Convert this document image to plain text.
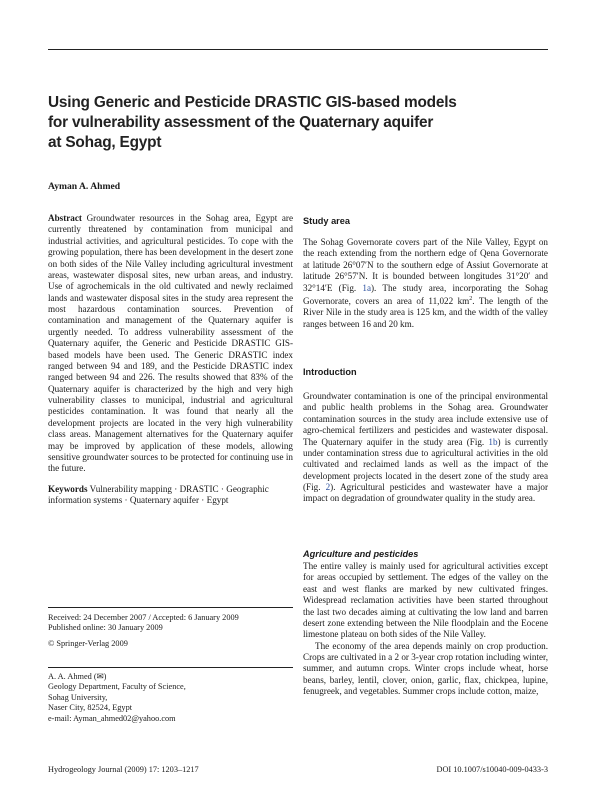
Using Generic and Pesticide DRASTIC GIS-based models
for vulnerability assessment of the Quaternary aquifer
at Sohag, Egypt
Ayman A. Ahmed

Abstract Groundwater resources in the Sohag area, Egypt are currently threatened by contamination from municipal and industrial activities, and agricultural pesticides. To cope with the growing population, there has been development in the desert zone on both sides of the Nile Valley including agricultural investment areas, wastewater disposal sites, new urban areas, and industry. Use of agrochemicals in the old cultivated and newly reclaimed lands and wastewater disposal sites in the study area represent the most hazardous contamination sources. Prevention of contamination and management of the Quaternary aquifer is urgently needed. To address vulnerability assessment of the Quaternary aquifer, the Generic and Pesticide DRASTIC GIS-based models have been used. The Generic DRASTIC index ranged between 94 and 189, and the Pesticide DRASTIC index ranged between 94 and 226. The results showed that 83% of the Quaternary aquifer is characterized by the high and very high vulnerability classes to municipal, industrial and agricultural pesticides contamination. It was found that nearly all the development projects are located in the very high vulnerability class areas. Management alternatives for the Quaternary aquifer may be improved by application of these models, allowing sensitive groundwater sources to be protected for continuing use in the future.

Keywords Vulnerability mapping · DRASTIC · Geographic information systems · Quaternary aquifer · Egypt

Received: 24 December 2007 / Accepted: 6 January 2009
Published online: 30 January 2009
© Springer-Verlag 2009
A. A. Ahmed (✉)
Geology Department, Faculty of Science,
Sohag University,
Naser City, 82524, Egypt
e-mail: Ayman_ahmed02@yahoo.com
Study area

The Sohag Governorate covers part of the Nile Valley, Egypt on the reach extending from the northern edge of Qena Governorate at latitude 26°07′N to the southern edge of Assiut Governorate at latitude 26°57′N. It is bounded between longitudes 31°20′ and 32°14′E (Fig. 1a). The study area, incorporating the Sohag Governorate, covers an area of 11,022 $km^2$. The length of the River Nile in the study area is 125 km, and the width of the valley ranges between 16 and 20 km.

Introduction

Groundwater contamination is one of the principal environmental and public health problems in the Sohag area. Groundwater contamination sources in the study area include extensive use of agro-chemical fertilizers and pesticides and wastewater disposal. The Quaternary aquifer in the study area (Fig. 1b) is currently under contamination stress due to agricultural activities in the old cultivated and reclaimed lands as well as the impact of the development projects located in the desert zone of the study area (Fig. 2). Agricultural pesticides and wastewater have a major impact on degradation of groundwater quality in the study area.

Agriculture and pesticides

The entire valley is mainly used for agricultural activities except for areas occupied by settlement. The edges of the valley on the east and west flanks are marked by new cultivated fringes. Widespread reclamation activities have been started throughout the last two decades aiming at cultivating the low land and barren desert zone extending between the Nile floodplain and the Eocene limestone plateau on both sides of the Nile Valley.

The economy of the area depends mainly on crop production. Crops are cultivated in a 2 or 3-year crop rotation including winter, summer, and autumn crops. Winter crops include wheat, horse beans, barley, lentil, clover, onion, garlic, flax, chickpea, lupine, fenugreek, and vegetables. Summer crops include cotton, maize,

Hydrogeology Journal (2009) 17: 1203–1217	DOI 10.1007/s10040-009-0433-3
